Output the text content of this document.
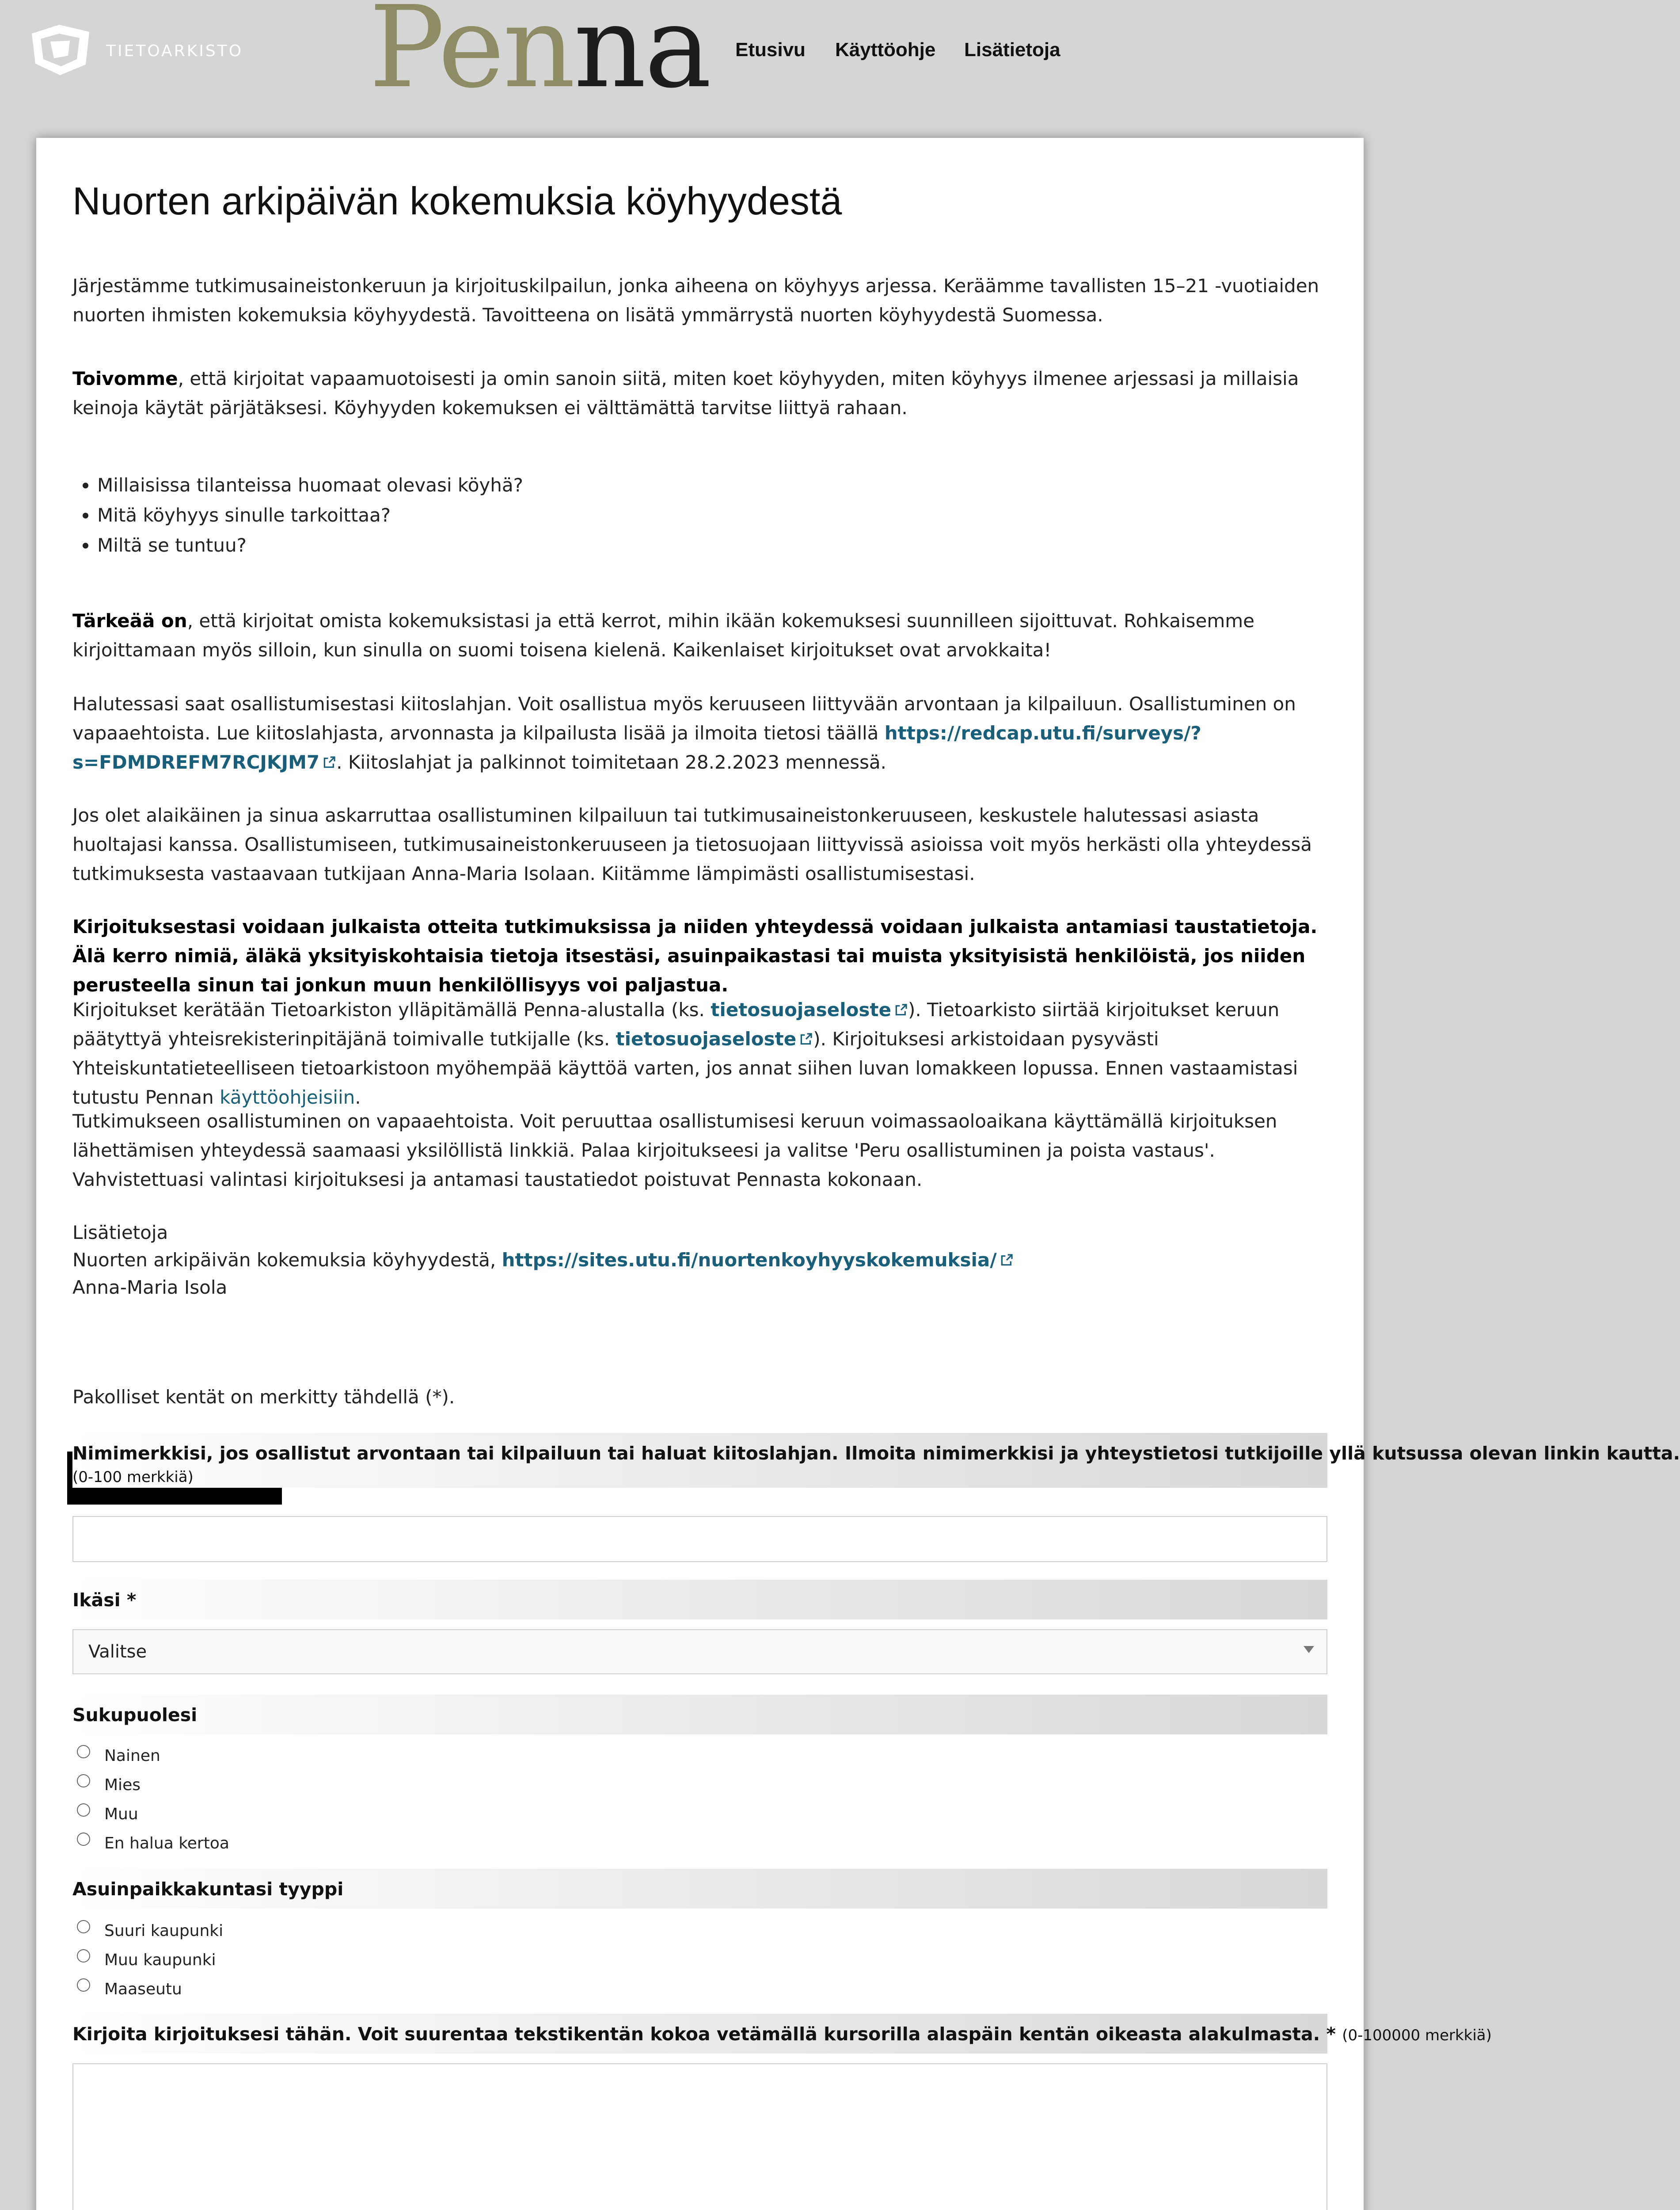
TIETOARKISTO Penna Etusivu Käyttöohje Lisätietoja
Nuorten arkipäivän kokemuksia köyhyydestä

Järjestämme tutkimusaineistonkeruun ja kirjoituskilpailun, jonka aiheena on köyhyys arjessa. Keräämme tavallisten 15–21 -vuotiaiden nuorten ihmisten kokemuksia köyhyydestä. Tavoitteena on lisätä ymmärrystä nuorten köyhyydestä Suomessa.

Toivomme, että kirjoitat vapaamuotoisesti ja omin sanoin siitä, miten koet köyhyyden, miten köyhyys ilmenee arjessasi ja millaisia keinoja käytät pärjätäksesi. Köyhyyden kokemuksen ei välttämättä tarvitse liittyä rahaan.

• Millaisissa tilanteissa huomaat olevasi köyhä?
• Mitä köyhyys sinulle tarkoittaa?
• Miltä se tuntuu?

Tärkeää on, että kirjoitat omista kokemuksistasi ja että kerrot, mihin ikään kokemuksesi suunnilleen sijoittuvat. Rohkaisemme kirjoittamaan myös silloin, kun sinulla on suomi toisena kielenä. Kaikenlaiset kirjoitukset ovat arvokkaita!

Halutessasi saat osallistumisestasi kiitoslahjan. Voit osallistua myös keruuseen liittyvään arvontaan ja kilpailuun. Osallistuminen on vapaaehtoista. Lue kiitoslahjasta, arvonnasta ja kilpailusta lisää ja ilmoita tietosi täällä https://redcap.utu.fi/surveys/?s=FDMDREFM7RCJKJM7 . Kiitoslahjat ja palkinnot toimitetaan 28.2.2023 mennessä.

Jos olet alaikäinen ja sinua askarruttaa osallistuminen kilpailuun tai tutkimusaineistonkeruuseen, keskustele halutessasi asiasta huoltajasi kanssa. Osallistumiseen, tutkimusaineistonkeruuseen ja tietosuojaan liittyvissä asioissa voit myös herkästi olla yhteydessä tutkimuksesta vastaavaan tutkijaan Anna-Maria Isolaan. Kiitämme lämpimästi osallistumisestasi.

Kirjoituksestasi voidaan julkaista otteita tutkimuksissa ja niiden yhteydessä voidaan julkaista antamiasi taustatietoja. Älä kerro nimiä, äläkä yksityiskohtaisia tietoja itsestäsi, asuinpaikastasi tai muista yksityisistä henkilöistä, jos niiden perusteella sinun tai jonkun muun henkilöllisyys voi paljastua.

Kirjoitukset kerätään Tietoarkiston ylläpitämällä Penna-alustalla (ks. tietosuojaseloste ). Tietoarkisto siirtää kirjoitukset keruun päätyttyä yhteisrekisterinpitäjänä toimivalle tutkijalle (ks. tietosuojaseloste ). Kirjoituksesi arkistoidaan pysyvästi Yhteiskuntatieteelliseen tietoarkistoon myöhempää käyttöä varten, jos annat siihen luvan lomakkeen lopussa. Ennen vastaamistasi tutustu Pennan käyttöohjeisiin.

Tutkimukseen osallistuminen on vapaaehtoista. Voit peruuttaa osallistumisesi keruun voimassaoloaikana käyttämällä kirjoituksen lähettämisen yhteydessä saamaasi yksilöllistä linkkiä. Palaa kirjoitukseesi ja valitse 'Peru osallistuminen ja poista vastaus'. Vahvistettuasi valintasi kirjoituksesi ja antamasi taustatiedot poistuvat Pennasta kokonaan.

Lisätietoja

Nuorten arkipäivän kokemuksia köyhyydestä, https://sites.utu.fi/nuortenkoyhyyskokemuksia/

Anna-Maria Isola

Pakolliset kentät on merkitty tähdellä (*).

Nimimerkkisi, jos osallistut arvontaan tai kilpailuun tai haluat kiitoslahjan. Ilmoita nimimerkkisi ja yhteystietosi tutkijoille yllä kutsussa olevan linkin kautta.
(0-100 merkkiä)
Ikäsi *
Valitse
Sukupuolesi
Nainen
Mies
Muu
En halua kertoa
Asuinpaikkakuntasi tyyppi
Suuri kaupunki
Muu kaupunki
Maaseutu
Kirjoita kirjoituksesi tähän. Voit suurentaa tekstikentän kokoa vetämällä kursorilla alaspäin kentän oikeasta alakulmasta. * (0-100000 merkkiä)
